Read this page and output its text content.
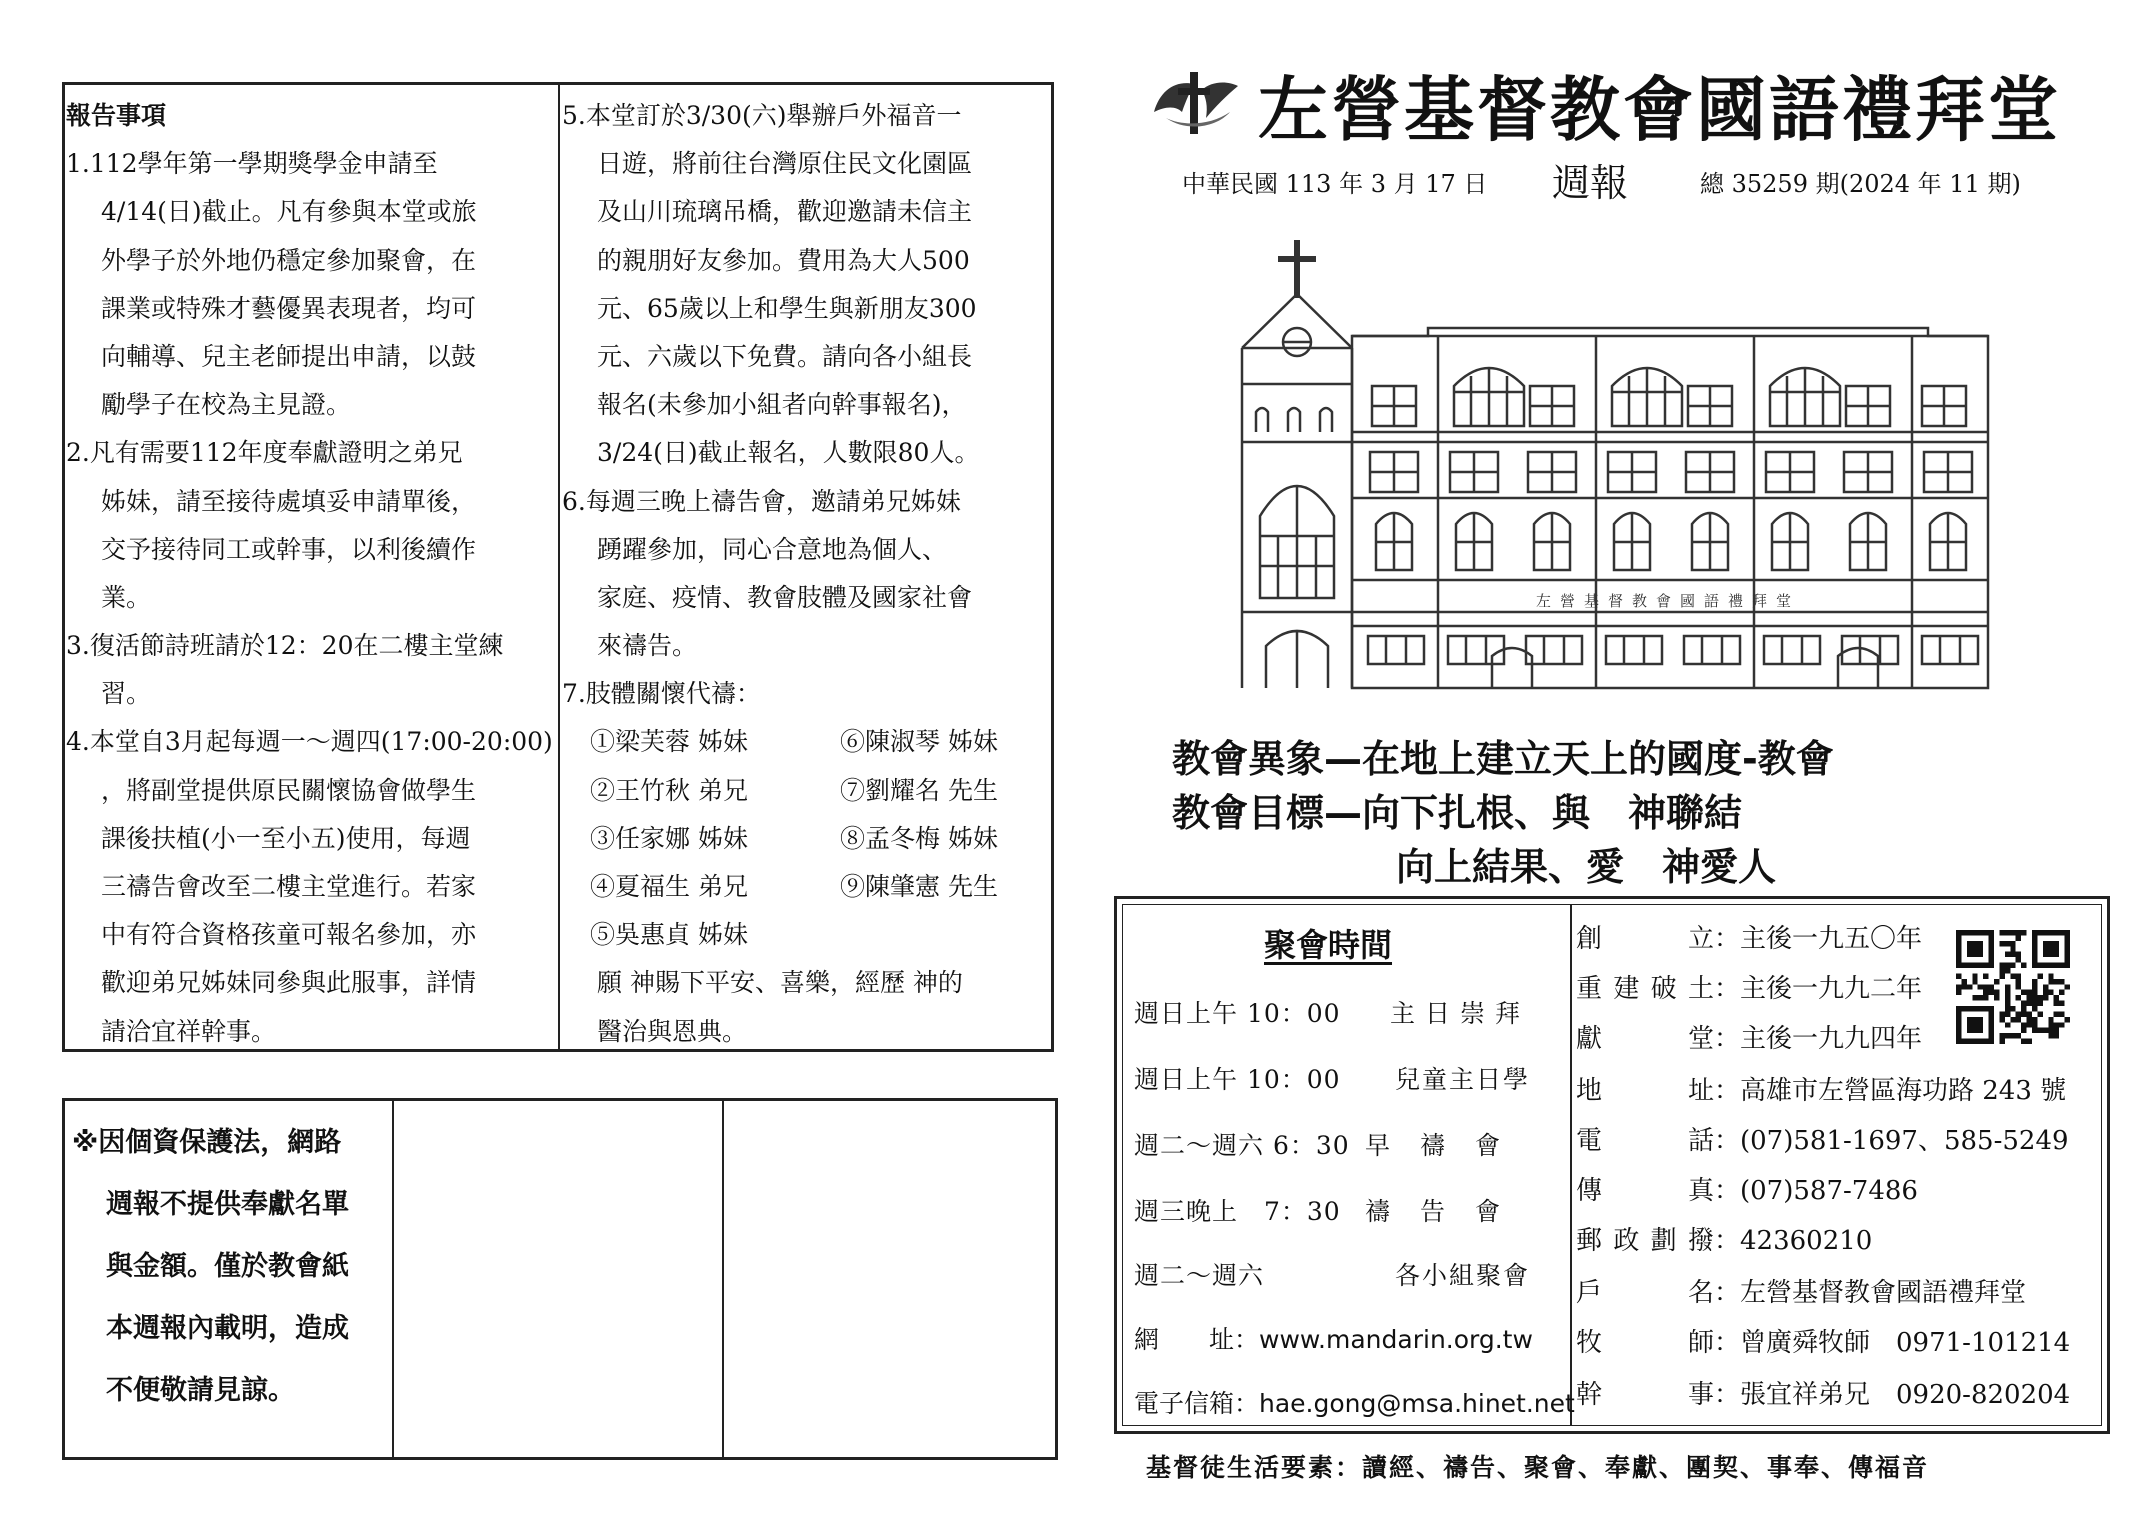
報告事項
1.112學年第一學期獎學金申請至
4/14(日)截止。凡有參與本堂或旅
外學子於外地仍穩定參加聚會，在
課業或特殊才藝優異表現者，均可
向輔導、兒主老師提出申請，以鼓
勵學子在校為主見證。
2.凡有需要112年度奉獻證明之弟兄
姊妹，請至接待處填妥申請單後，
交予接待同工或幹事，以利後續作
業。
3.復活節詩班請於12：20在二樓主堂練
習。
4.本堂自3月起每週一～週四(17:00-20:00)
，將副堂提供原民關懷協會做學生
課後扶植(小一至小五)使用，每週
三禱告會改至二樓主堂進行。若家
中有符合資格孩童可報名參加，亦
歡迎弟兄姊妹同參與此服事，詳情
請洽宜祥幹事。
5.本堂訂於3/30(六)舉辦戶外福音一
日遊，將前往台灣原住民文化園區
及山川琉璃吊橋，歡迎邀請未信主
的親朋好友參加。費用為大人500
元、65歲以上和學生與新朋友300
元、六歲以下免費。請向各小組長
報名(未參加小組者向幹事報名)，
3/24(日)截止報名，人數限80人。
6.每週三晚上禱告會，邀請弟兄姊妹
踴躍參加，同心合意地為個人、
家庭、疫情、教會肢體及國家社會
來禱告。
7.肢體關懷代禱：
①梁芙蓉 姊妹	⑥陳淑琴 姊妹
②王竹秋 弟兄	⑦劉耀名 先生
③任家娜 姊妹	⑧孟冬梅 姊妹
④夏福生 弟兄	⑨陳肇憲 先生
⑤吳惠貞 姊妹
願 神賜下平安、喜樂，經歷 神的
醫治與恩典。
※因個資保護法，網路
週報不提供奉獻名單
與金額。僅於教會紙
本週報內載明，造成
不便敬請見諒。
左營基督教會國語禮拜堂
中華民國 113 年 3 月 17 日 週報	總 35259 期(2024 年 11 期)
左營基督教會國語禮拜堂
教會異象—在地上建立天上的國度-教會
教會目標—向下扎根、與　神聯結
向上結果、愛　神愛人
聚會時間
週日上午 10：00 主日崇拜
週日上午 10：00 兒童主日學
週二～週六 6：30 早禱會
週三晚上　7：30 禱告會
週二～週六	各小組聚會
網　　址：www.mandarin.org.tw
電子信箱：hae.gong@msa.hinet.net
創立 ：主後一九五〇年
重建破土 ：主後一九九二年
獻堂 ：主後一九九四年
地址 ：高雄市左營區海功路 243 號
電話 ：(07)581-1697、585-5249
傳真 ：(07)587-7486
郵政劃撥 ：42360210
戶名 ：左營基督教會國語禮拜堂
牧師 ：曾廣舜牧師　0971-101214
幹事 ：張宜祥弟兄　0920-820204
基督徒生活要素：讀經、禱告、聚會、奉獻、團契、事奉、傳福音
